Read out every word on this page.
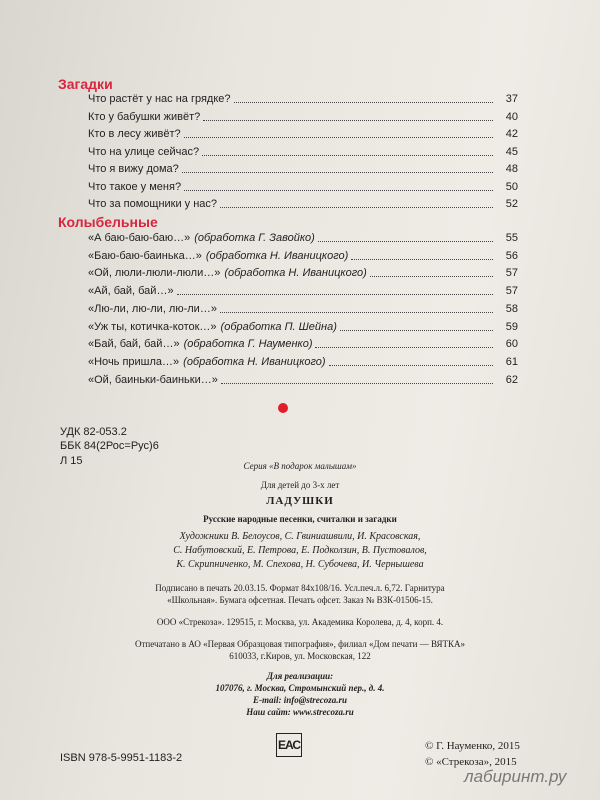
Загадки
Что растёт у нас на грядке?	37
Кто у бабушки живёт?	40
Кто в лесу живёт?	42
Что на улице сейчас?	45
Что я вижу дома?	48
Что такое у меня?	50
Что за помощники у нас?	52
Колыбельные
«А баю-баю-баю…» (обработка Г. Завойко)	55
«Баю-баю-баинька…» (обработка Н. Иваницкого)	56
«Ой, люли-люли-люли…» (обработка Н. Иваницкого)	57
«Ай, бай, бай…»	57
«Лю-ли, лю-ли, лю-ли…»	58
«Уж ты, котичка-коток…» (обработка П. Шейна)	59
«Бай, бай, бай…» (обработка Г. Науменко)	60
«Ночь пришла…» (обработка Н. Иваницкого)	61
«Ой, баиньки-баиньки…»	62
УДК 82-053.2
ББК 84(2Рос=Рус)6
Л 15	Серия «В подарок малышам»
Для детей до 3-х лет
ЛАДУШКИ
Русские народные песенки, считалки и загадки
Художники В. Белоусов, С. Гвиниашвили, И. Красовская,
С. Набутовский, Е. Петрова, Е. Подколзин, В. Пустовалов,
К. Скрипниченко, М. Спехова, Н. Субочева, И. Чернышева
Подписано в печать 20.03.15. Формат 84х108/16. Усл.печ.л. 6,72. Гарнитура
«Школьная». Бумага офсетная. Печать офсет. Заказ № ВЗК-01506-15.
ООО «Стрекоза». 129515, г. Москва, ул. Академика Королева, д. 4, корп. 4.
Отпечатано в АО «Первая Образцовая типография», филиал «Дом печати — ВЯТКА»
610033, г.Киров, ул. Московская, 122
Для реализации:
107076, г. Москва, Стромынский пер., д. 4.
E-mail: info@strecoza.ru
Наш сайт: www.strecoza.ru
ISBN 978-5-9951-1183-2
ЕАС	© Г. Науменко, 2015
© «Стрекоза», 2015
лабиринт.ру
